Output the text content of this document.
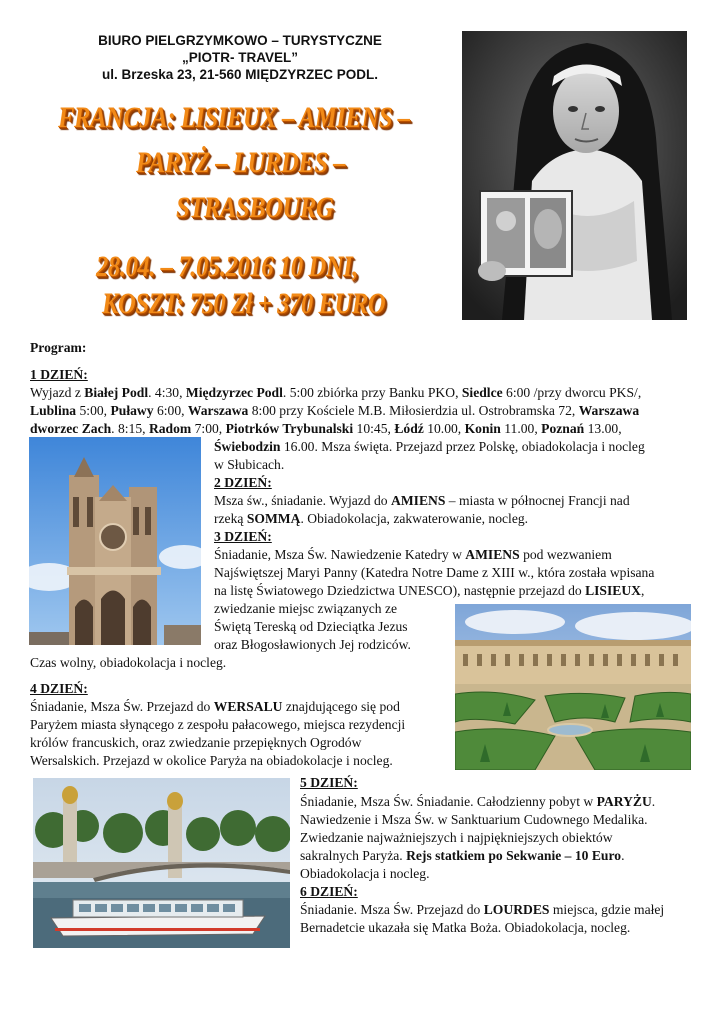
BIURO PIELGRZYMKOWO – TURYSTYCZNE
„PIOTR- TRAVEL”
ul. Brzeska 23, 21-560 MIĘDZYRZEC PODL.
FRANCJA: LISIEUX – AMIENS –
PARYŻ – LURDES –
STRASBOURG
28.04. – 7.05.2016 10 DNI,
KOSZT: 750 Zł + 370 EURO
Program:
1 DZIEŃ:
Wyjazd z Białej Podl. 4:30, Międzyrzec Podl. 5:00 zbiórka przy Banku PKO, Siedlce 6:00 /przy dworcu PKS/,
Lublina 5:00, Puławy 6:00, Warszawa 8:00 przy Kościele M.B. Miłosierdzia ul. Ostrobramska 72, Warszawa
dworzec Zach. 8:15, Radom 7:00, Piotrków Trybunalski 10:45, Łódź 10.00, Konin 11.00, Poznań 13.00,
Świebodzin 16.00. Msza święta. Przejazd przez Polskę, obiadokolacja i nocleg
w Słubicach.
2 DZIEŃ:
Msza św., śniadanie. Wyjazd do AMIENS – miasta w północnej Francji nad
rzeką SOMMĄ. Obiadokolacja, zakwaterowanie, nocleg.
3 DZIEŃ:
Śniadanie, Msza Św. Nawiedzenie Katedry w AMIENS pod wezwaniem
Najświętszej Maryi Panny (Katedra Notre Dame z XIII w., która została wpisana
na listę Światowego Dziedzictwa UNESCO), następnie przejazd do LISIEUX,
zwiedzanie miejsc związanych ze
Świętą Tereską od Dzieciątka Jezus
oraz Błogosławionych Jej rodziców.
Czas wolny, obiadokolacja i nocleg.
4 DZIEŃ:
Śniadanie, Msza Św. Przejazd do WERSALU znajdującego się pod
Paryżem miasta słynącego z zespołu pałacowego, miejsca rezydencji
królów francuskich, oraz zwiedzanie przepięknych Ogrodów
Wersalskich. Przejazd w okolice Paryża na obiadokolacje i nocleg.
5 DZIEŃ:
Śniadanie, Msza Św. Śniadanie. Całodzienny pobyt w PARYŻU.
Nawiedzenie i Msza Św. w Sanktuarium Cudownego Medalika.
Zwiedzanie najważniejszych i najpiękniejszych obiektów
sakralnych Paryża. Rejs statkiem po Sekwanie – 10 Euro.
Obiadokolacja i nocleg.
6 DZIEŃ:
Śniadanie. Msza Św. Przejazd do LOURDES miejsca, gdzie małej
Bernadetcie ukazała się Matka Boża. Obiadokolacja, nocleg.
